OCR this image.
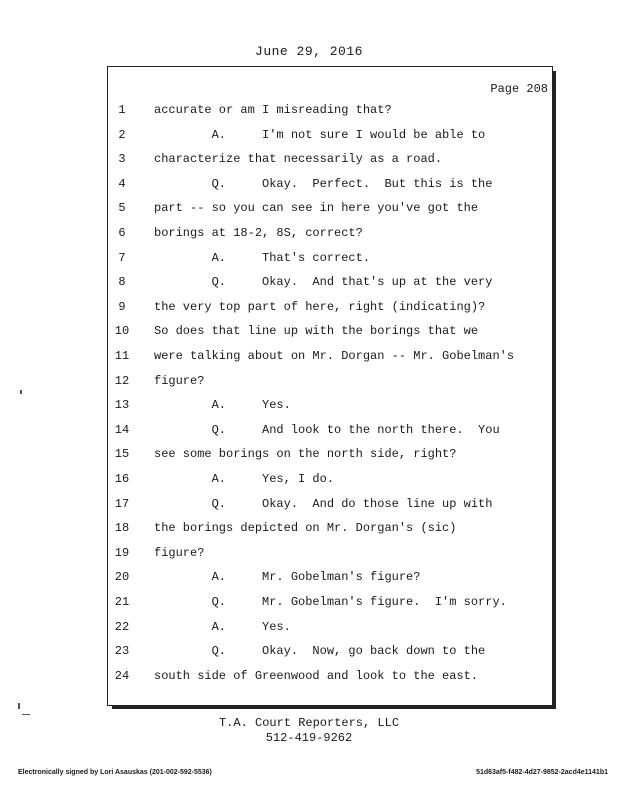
June 29, 2016
Page 208
1	accurate or am I misreading that?
2	A.     I'm not sure I would be able to
3	characterize that necessarily as a road.
4	Q.     Okay.  Perfect.  But this is the
5	part -- so you can see in here you've got the
6	borings at 18-2, 8S, correct?
7	A.     That's correct.
8	Q.     Okay.  And that's up at the very
9	the very top part of here, right (indicating)?
10	So does that line up with the borings that we
11	were talking about on Mr. Dorgan -- Mr. Gobelman's
12	figure?
13	A.     Yes.
14	Q.     And look to the north there.  You
15	see some borings on the north side, right?
16	A.     Yes, I do.
17	Q.     Okay.  And do those line up with
18	the borings depicted on Mr. Dorgan's (sic)
19	figure?
20	A.     Mr. Gobelman's figure?
21	Q.     Mr. Gobelman's figure.  I'm sorry.
22	A.     Yes.
23	Q.     Okay.  Now, go back down to the
24	south side of Greenwood and look to the east.
T.A. Court Reporters, LLC
512-419-9262
Electronically signed by Lori Asauskas (201-002-592-5536)	51d63af5-f482-4d27-9852-2acd4e1141b1
